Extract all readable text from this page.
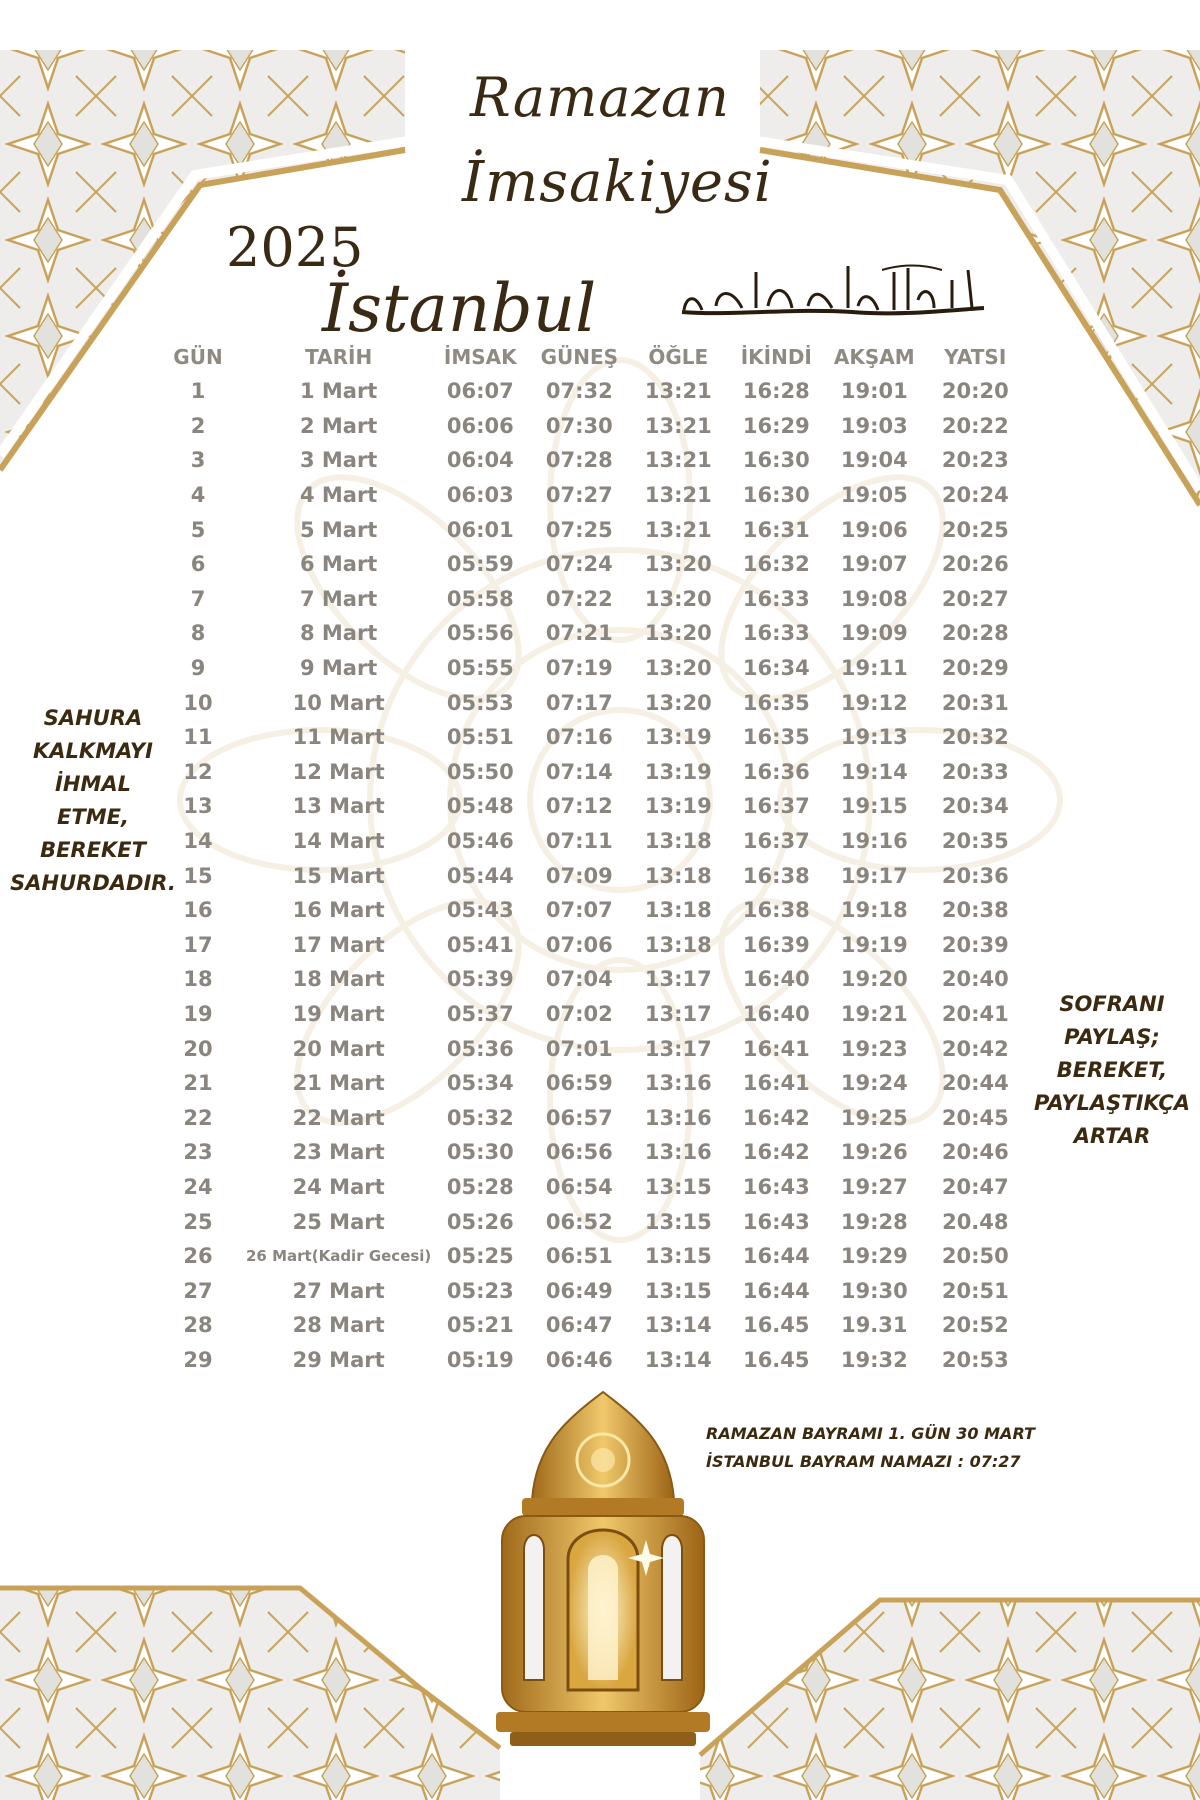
Ramazan
İmsakiyesi
2025
İstanbul
GÜN	TARİH	İMSAK	GÜNEŞ	ÖĞLE	İKİNDİ	AKŞAM	YATSI
1	1 Mart	06:07	07:32	13:21	16:28	19:01	20:20
2	2 Mart	06:06	07:30	13:21	16:29	19:03	20:22
3	3 Mart	06:04	07:28	13:21	16:30	19:04	20:23
4	4 Mart	06:03	07:27	13:21	16:30	19:05	20:24
5	5 Mart	06:01	07:25	13:21	16:31	19:06	20:25
6	6 Mart	05:59	07:24	13:20	16:32	19:07	20:26
7	7 Mart	05:58	07:22	13:20	16:33	19:08	20:27
8	8 Mart	05:56	07:21	13:20	16:33	19:09	20:28
9	9 Mart	05:55	07:19	13:20	16:34	19:11	20:29
10	10 Mart	05:53	07:17	13:20	16:35	19:12	20:31
11	11 Mart	05:51	07:16	13:19	16:35	19:13	20:32
12	12 Mart	05:50	07:14	13:19	16:36	19:14	20:33
13	13 Mart	05:48	07:12	13:19	16:37	19:15	20:34
14	14 Mart	05:46	07:11	13:18	16:37	19:16	20:35
15	15 Mart	05:44	07:09	13:18	16:38	19:17	20:36
16	16 Mart	05:43	07:07	13:18	16:38	19:18	20:38
17	17 Mart	05:41	07:06	13:18	16:39	19:19	20:39
18	18 Mart	05:39	07:04	13:17	16:40	19:20	20:40
19	19 Mart	05:37	07:02	13:17	16:40	19:21	20:41
20	20 Mart	05:36	07:01	13:17	16:41	19:23	20:42
21	21 Mart	05:34	06:59	13:16	16:41	19:24	20:44
22	22 Mart	05:32	06:57	13:16	16:42	19:25	20:45
23	23 Mart	05:30	06:56	13:16	16:42	19:26	20:46
24	24 Mart	05:28	06:54	13:15	16:43	19:27	20:47
25	25 Mart	05:26	06:52	13:15	16:43	19:28	20.48
26	26 Mart(Kadir Gecesi)	05:25	06:51	13:15	16:44	19:29	20:50
27	27 Mart	05:23	06:49	13:15	16:44	19:30	20:51
28	28 Mart	05:21	06:47	13:14	16.45	19.31	20:52
29	29 Mart	05:19	06:46	13:14	16.45	19:32	20:53
SAHURA
KALKMAYI
İHMAL
ETME,
BEREKET
SAHURDADIR.
SOFRANI
PAYLAŞ;
BEREKET,
PAYLAŞTIKÇA
ARTAR
RAMAZAN BAYRAMI 1. GÜN 30 MART
İSTANBUL BAYRAM NAMAZI : 07:27
